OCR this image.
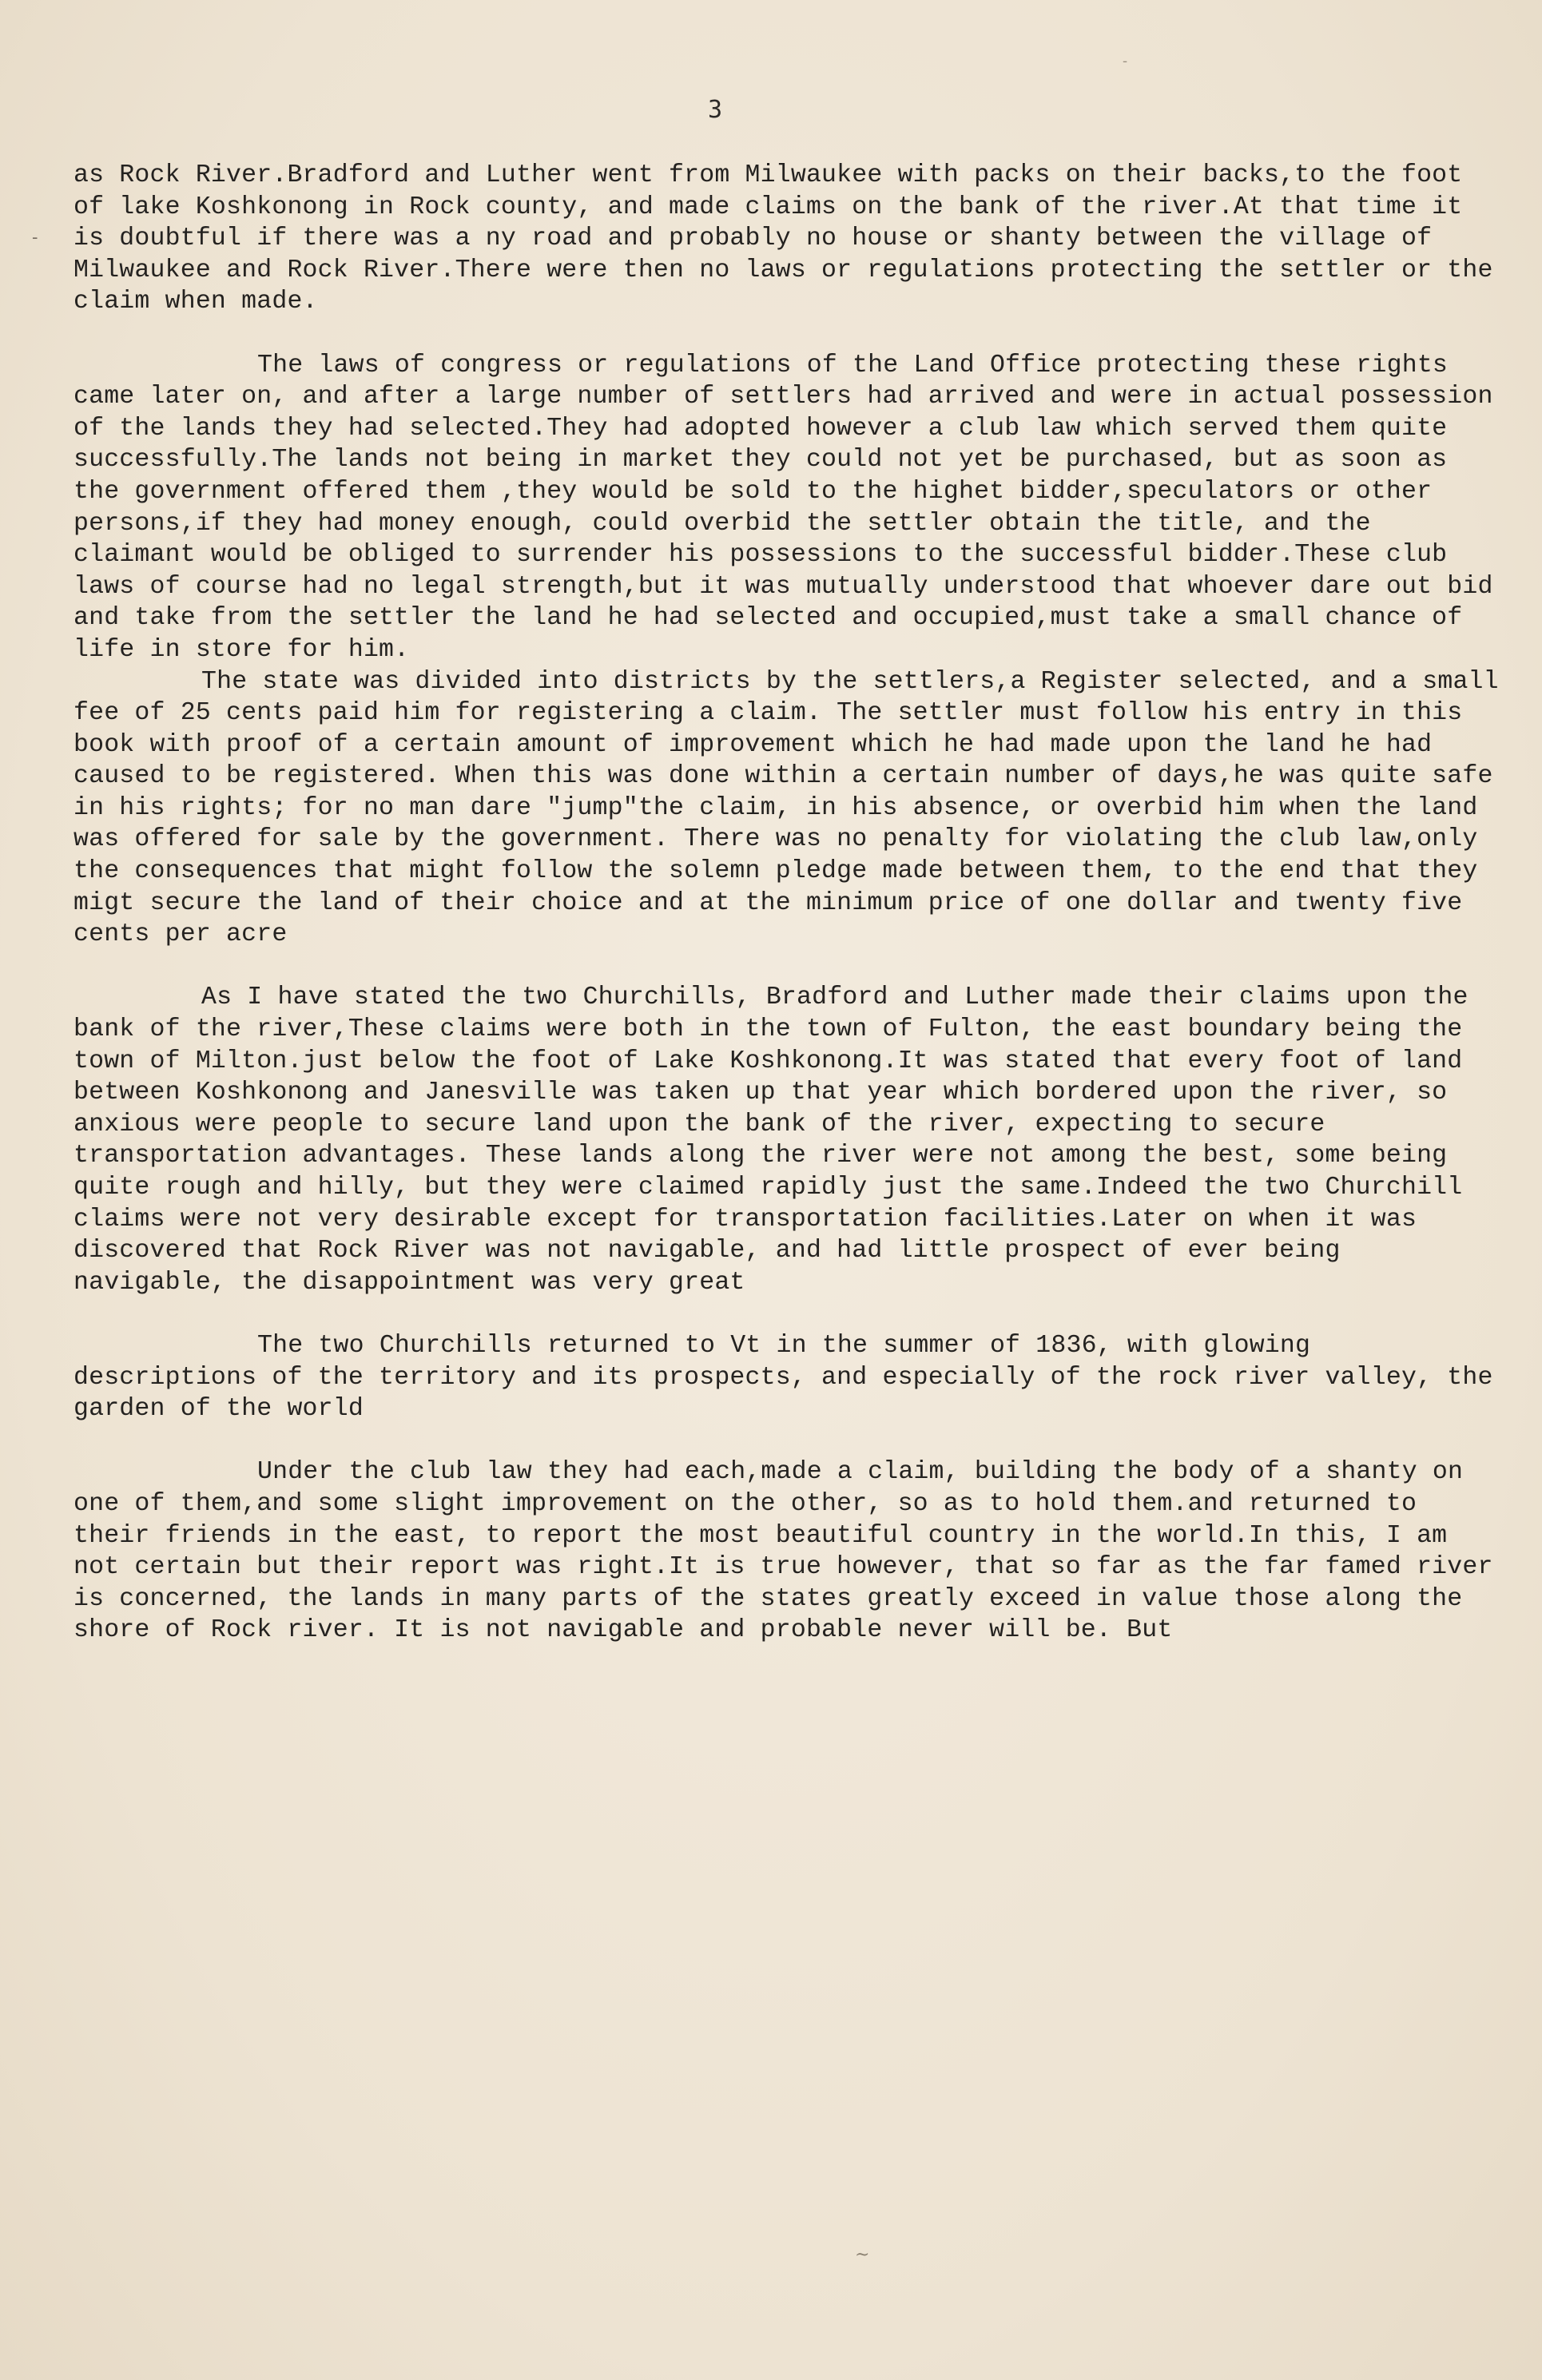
-
-
3

as Rock River.Bradford and Luther went from Milwaukee with packs on their backs,to the foot of lake Koshkonong in Rock county, and made claims on the bank of the river.At that time it is doubtful if there was a ny road and probably no house or shanty between the village of Milwaukee and Rock River.There were then no laws or regulations protecting the settler or the claim when made.

The laws of congress or regulations of the Land Office protecting these rights came later on, and after a large number of settlers had arrived and were in actual possession of the lands they had selected.They had adopted however a club law which served them quite successfully.The lands not being in market they could not yet be purchased, but as soon as the government offered them ,they would be sold to the highet bidder,speculators or other persons,if they had money enough, could overbid the settler obtain the title, and the claimant would be obliged to surrender his possessions to the successful bidder.These club laws of course had no legal strength,but it was mutually understood that whoever dare out bid and take from the settler the land he had selected and occupied,must take a small chance of life in store for him.

The state was divided into districts by the settlers,a Register selected, and a small fee of 25 cents paid him for registering a claim. The settler must follow his entry in this book with proof of a certain amount of improvement which he had made upon the land he had caused to be registered. When this was done within a certain number of days,he was quite safe in his rights; for no man dare "jump"the claim, in his absence, or overbid him when the land was offered for sale by the government. There was no penalty for violating the club law,only the consequences that might follow the solemn pledge made between them, to the end that they migt secure the land of their choice and at the minimum price of one dollar and twenty five cents per acre

As I have stated the two Churchills, Bradford and Luther made their claims upon the bank of the river,These claims were both in the town of Fulton, the east boundary being the town of Milton.just below the foot of Lake Koshkonong.It was stated that every foot of land between Koshkonong and Janesville was taken up that year which bordered upon the river, so anxious were people to secure land upon the bank of the river, expecting to secure transportation advantages. These lands along the river were not among the best, some being quite rough and hilly, but they were claimed rapidly just the same.Indeed the two Churchill claims were not very desirable except for transportation facilities.Later on when it was discovered that Rock River was not navigable, and had little prospect of ever being navigable, the disappointment was very great

The two Churchills returned to Vt in the summer of 1836, with glowing descriptions of the territory and its prospects, and especially of the rock river valley, the garden of the world

Under the club law they had each,made a claim, building the body of a shanty on one of them,and some slight improvement on the other, so as to hold them.and returned to their friends in the east, to report the most beautiful country in the world.In this, I am not certain but their report was right.It is true however, that so far as the far famed river is concerned, the lands in many parts of the states greatly exceed in value those along the shore of Rock river. It is not navigable and probable never will be. But

~
